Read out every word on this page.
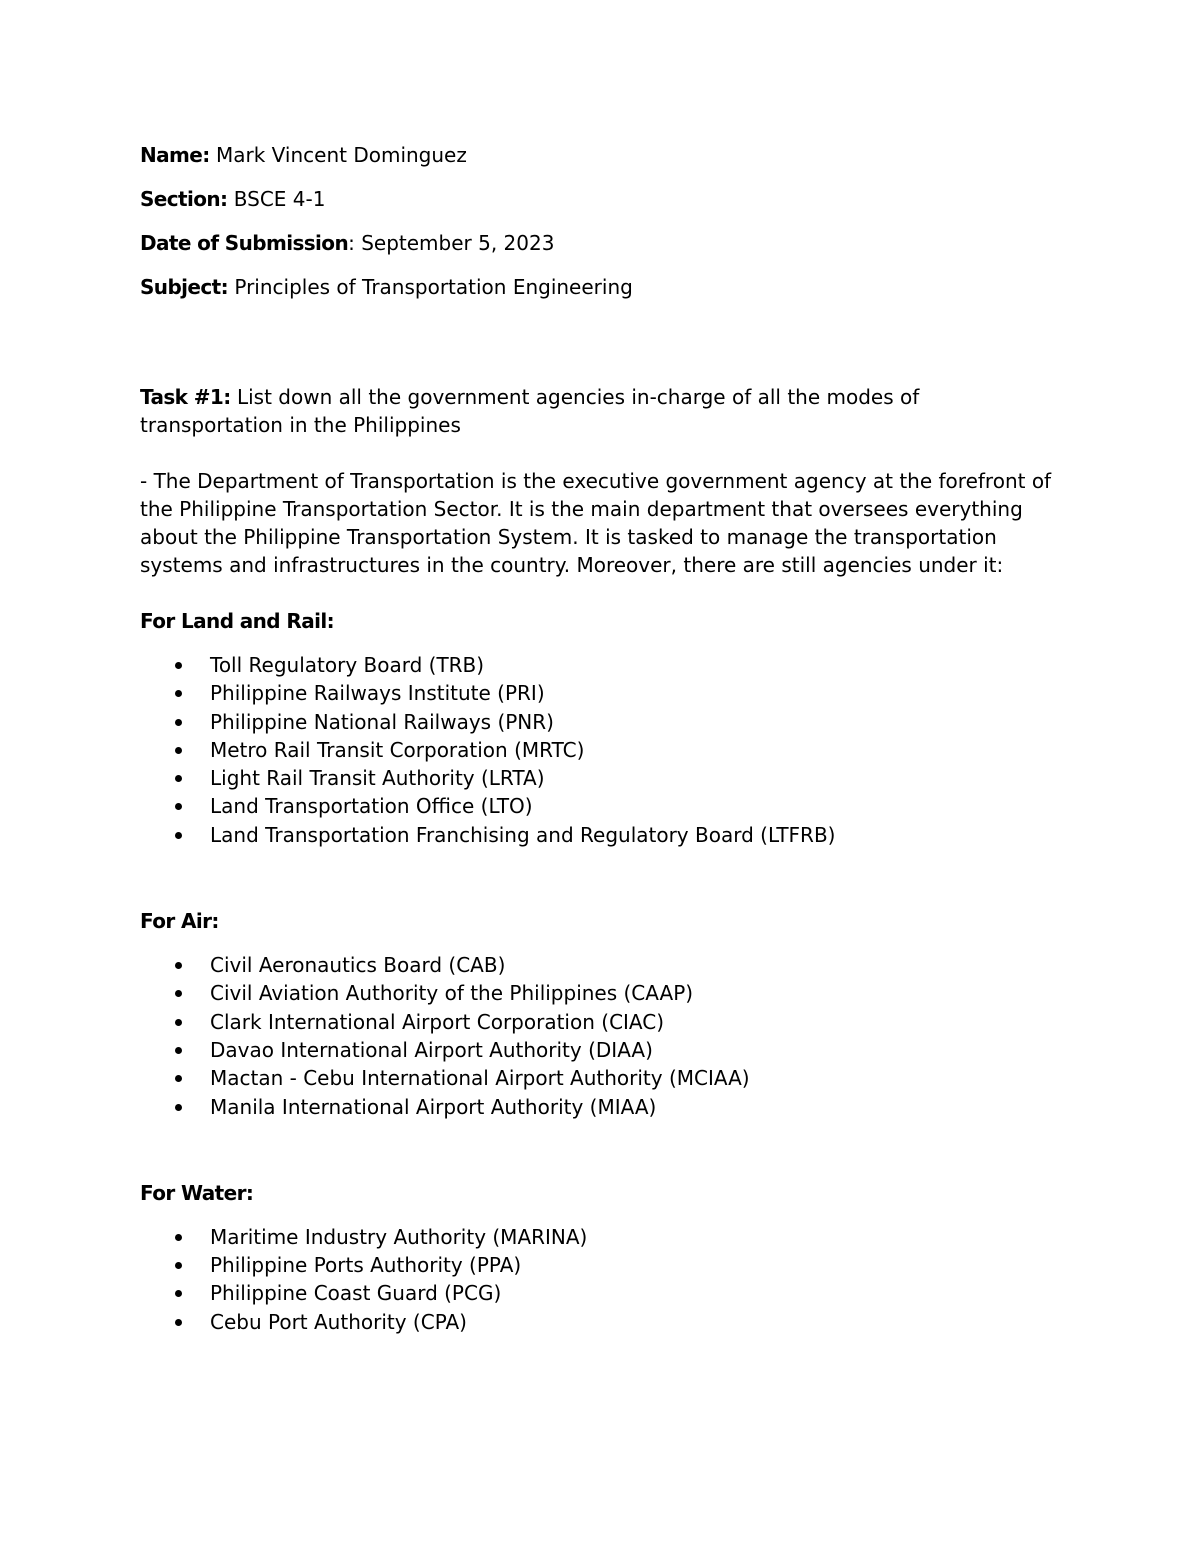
Name: Mark Vincent Dominguez

Section: BSCE 4-1

Date of Submission: September 5, 2023

Subject: Principles of Transportation Engineering

Task #1: List down all the government agencies in-charge of all the modes of transportation in the Philippines

- The Department of Transportation is the executive government agency at the forefront of the Philippine Transportation Sector. It is the main department that oversees everything about the Philippine Transportation System. It is tasked to manage the transportation systems and infrastructures in the country. Moreover, there are still agencies under it:

For Land and Rail:

Toll Regulatory Board (TRB)
Philippine Railways Institute (PRI)
Philippine National Railways (PNR)
Metro Rail Transit Corporation (MRTC)
Light Rail Transit Authority (LRTA)
Land Transportation Office (LTO)
Land Transportation Franchising and Regulatory Board (LTFRB)

For Air:

Civil Aeronautics Board (CAB)
Civil Aviation Authority of the Philippines (CAAP)
Clark International Airport Corporation (CIAC)
Davao International Airport Authority (DIAA)
Mactan - Cebu International Airport Authority (MCIAA)
Manila International Airport Authority (MIAA)

For Water:

Maritime Industry Authority (MARINA)
Philippine Ports Authority (PPA)
Philippine Coast Guard (PCG)
Cebu Port Authority (CPA)
